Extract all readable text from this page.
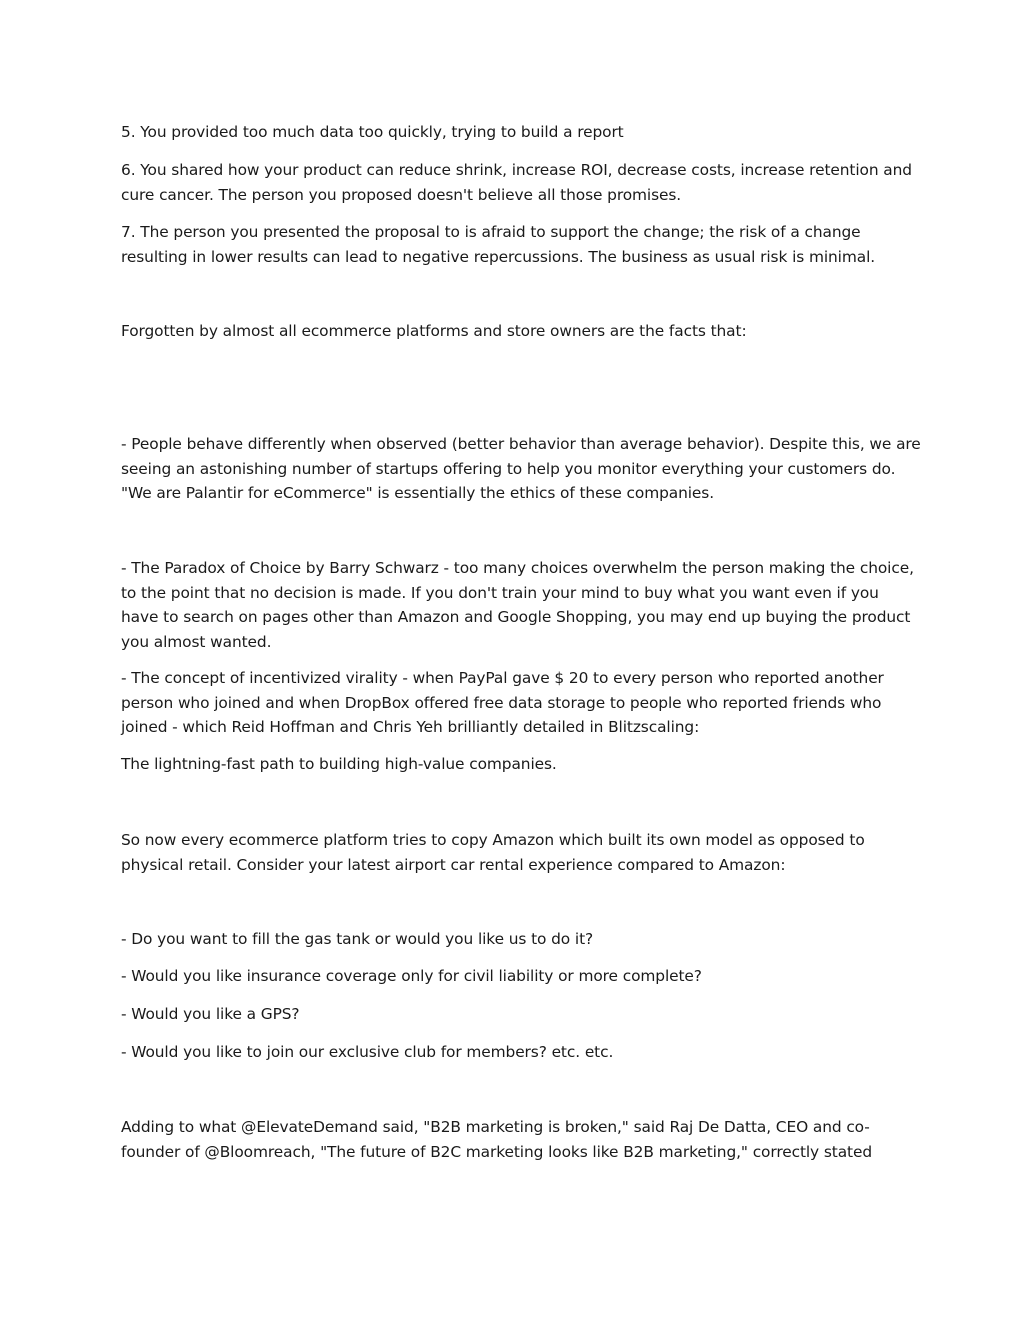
5. You provided too much data too quickly, trying to build a report

6. You shared how your product can reduce shrink, increase ROI, decrease costs, increase retention and
cure cancer. The person you proposed doesn't believe all those promises.

7. The person you presented the proposal to is afraid to support the change; the risk of a change
resulting in lower results can lead to negative repercussions. The business as usual risk is minimal.

Forgotten by almost all ecommerce platforms and store owners are the facts that:

- People behave differently when observed (better behavior than average behavior). Despite this, we are
seeing an astonishing number of startups offering to help you monitor everything your customers do.
"We are Palantir for eCommerce" is essentially the ethics of these companies.

- The Paradox of Choice by Barry Schwarz - too many choices overwhelm the person making the choice,
to the point that no decision is made. If you don't train your mind to buy what you want even if you
have to search on pages other than Amazon and Google Shopping, you may end up buying the product
you almost wanted.

- The concept of incentivized virality - when PayPal gave $ 20 to every person who reported another
person who joined and when DropBox offered free data storage to people who reported friends who
joined - which Reid Hoffman and Chris Yeh brilliantly detailed in Blitzscaling:

The lightning-fast path to building high-value companies.

So now every ecommerce platform tries to copy Amazon which built its own model as opposed to
physical retail. Consider your latest airport car rental experience compared to Amazon:

- Do you want to fill the gas tank or would you like us to do it?

- Would you like insurance coverage only for civil liability or more complete?

- Would you like a GPS?

- Would you like to join our exclusive club for members? etc. etc.

Adding to what @ElevateDemand said, "B2B marketing is broken," said Raj De Datta, CEO and co-
founder of @Bloomreach, "The future of B2C marketing looks like B2B marketing," correctly stated
